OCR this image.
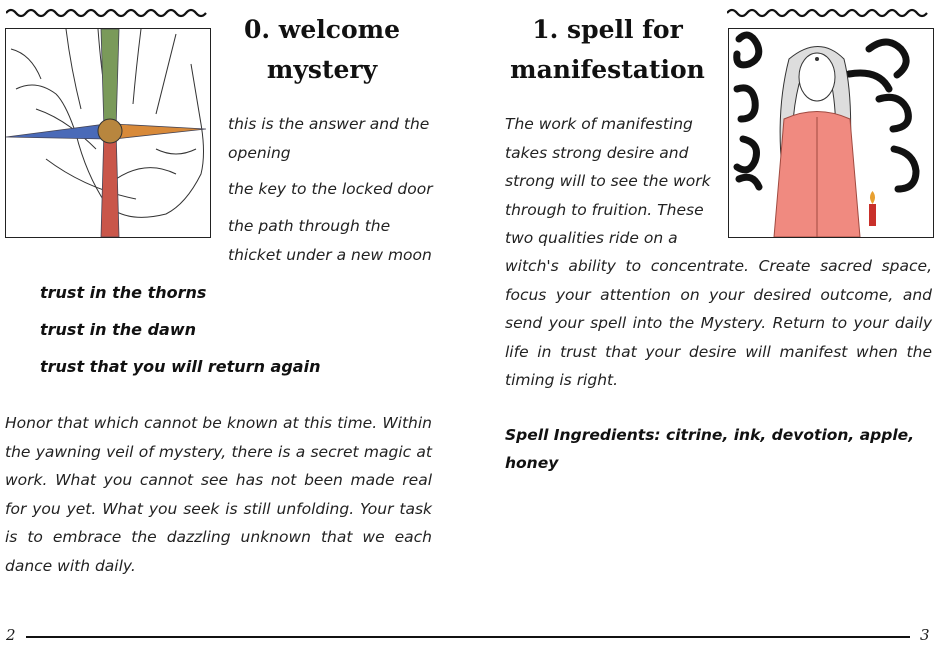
0. welcome
mystery
this is the answer and the
opening
the key to the locked door
the path through the
thicket under a new moon
trust in the thorns
trust in the dawn
trust that you will return again

Honor that which cannot be known at this time. Within the yawning veil of mystery, there is a secret magic at work. What you cannot see has not been made real for you yet. What you seek is still unfolding. Your task is to embrace the dazzling unknown that we each dance with daily.

2
1. spell for
manifestation
The work of manifesting
takes strong desire and
strong will to see the work
through to fruition. These
two qualities ride on a

witch's ability to concentrate. Create sacred space, focus your attention on your desired outcome, and send your spell into the Mystery. Return to your daily life in trust that your desire will manifest when the timing is right.

Spell Ingredients: citrine, ink, devotion, apple, honey
3
